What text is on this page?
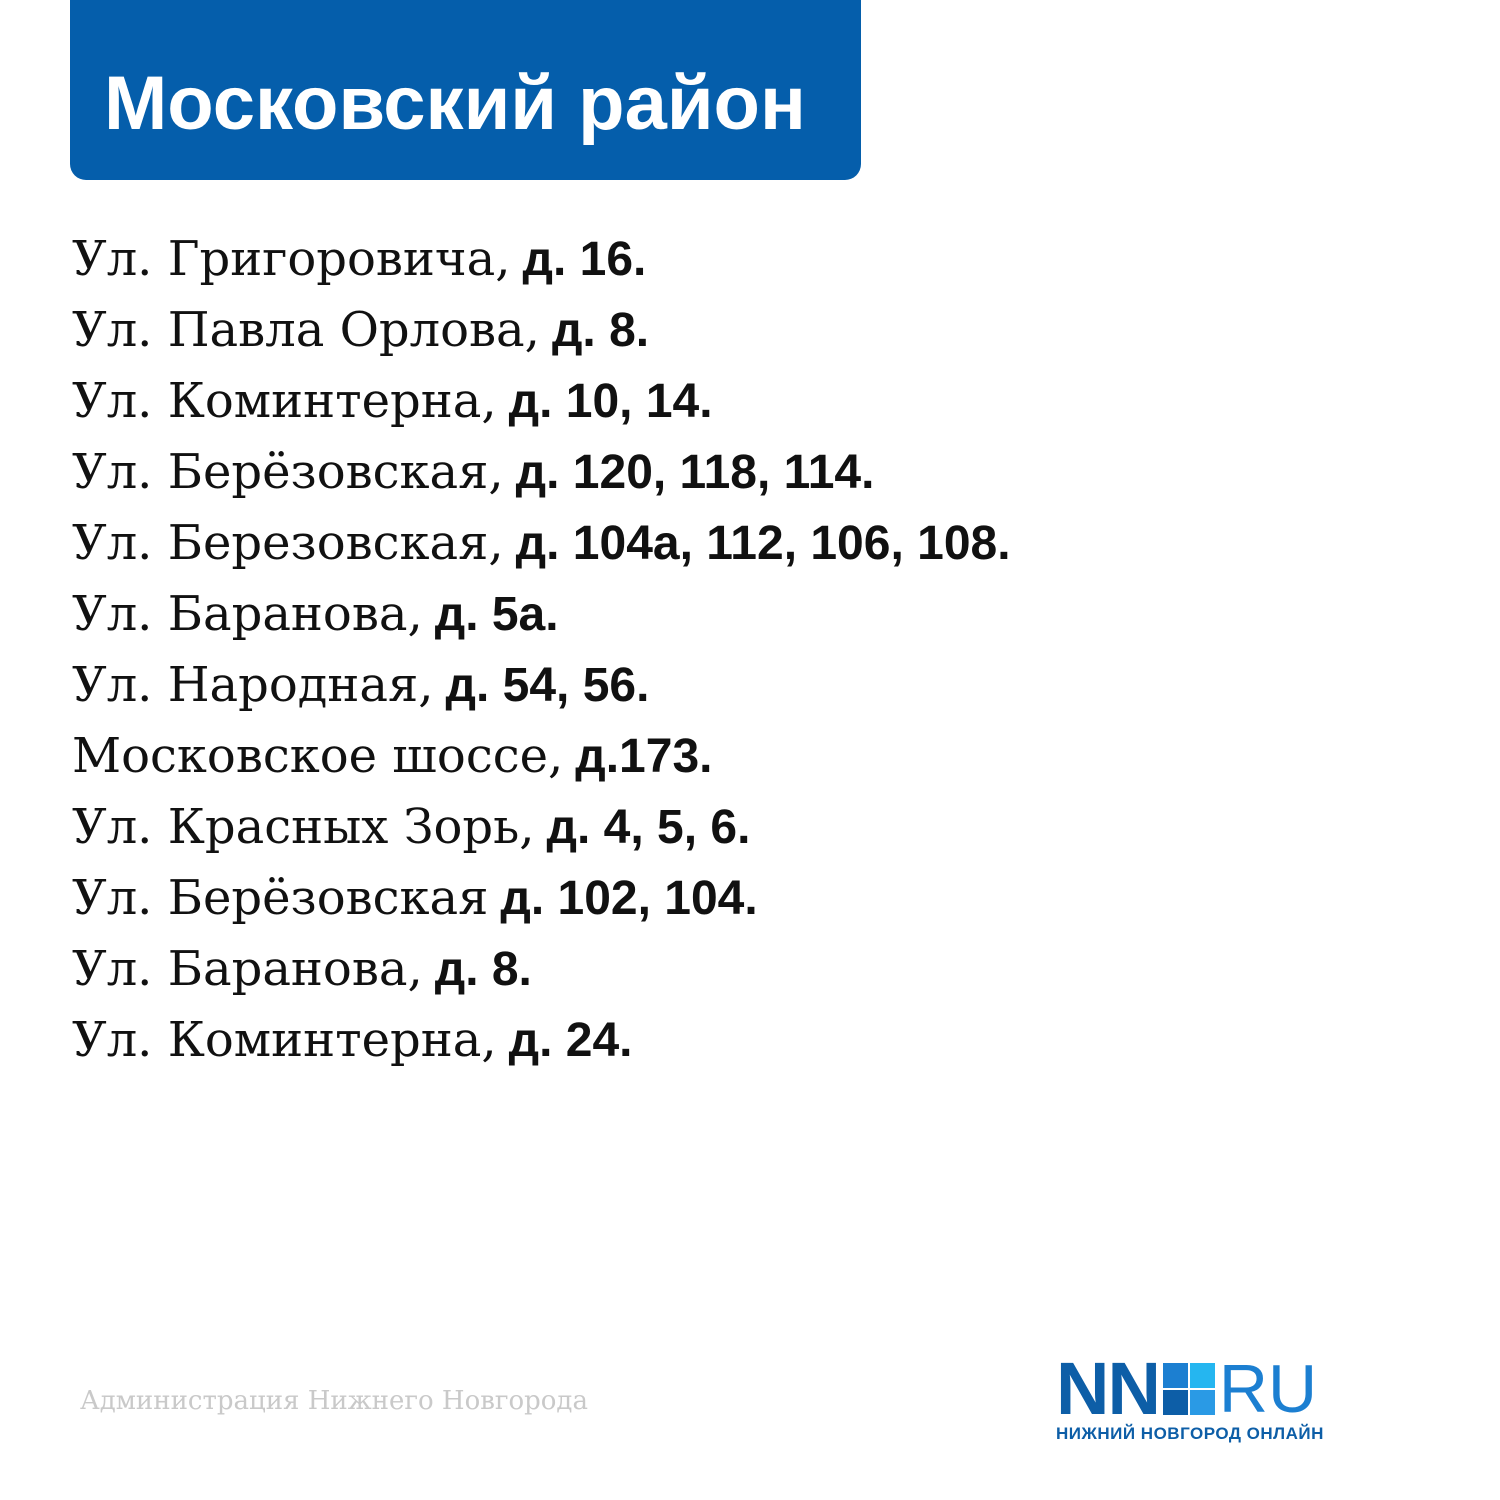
Московский район
Ул. Григоровича, д. 16.
Ул. Павла Орлова, д. 8.
Ул. Коминтерна, д. 10, 14.
Ул. Берёзовская, д. 120, 118, 114.
Ул. Березовская, д. 104а, 112, 106, 108.
Ул. Баранова, д. 5а.
Ул. Народная, д. 54, 56.
Московское шоссе, д.173.
Ул. Красных Зорь, д. 4, 5, 6.
Ул. Берёзовская д. 102, 104.
Ул. Баранова, д. 8.
Ул. Коминтерна, д. 24.

Администрация Нижнего Новгорода	NN RU
НИЖНИЙ НОВГОРОД ОНЛАЙН
